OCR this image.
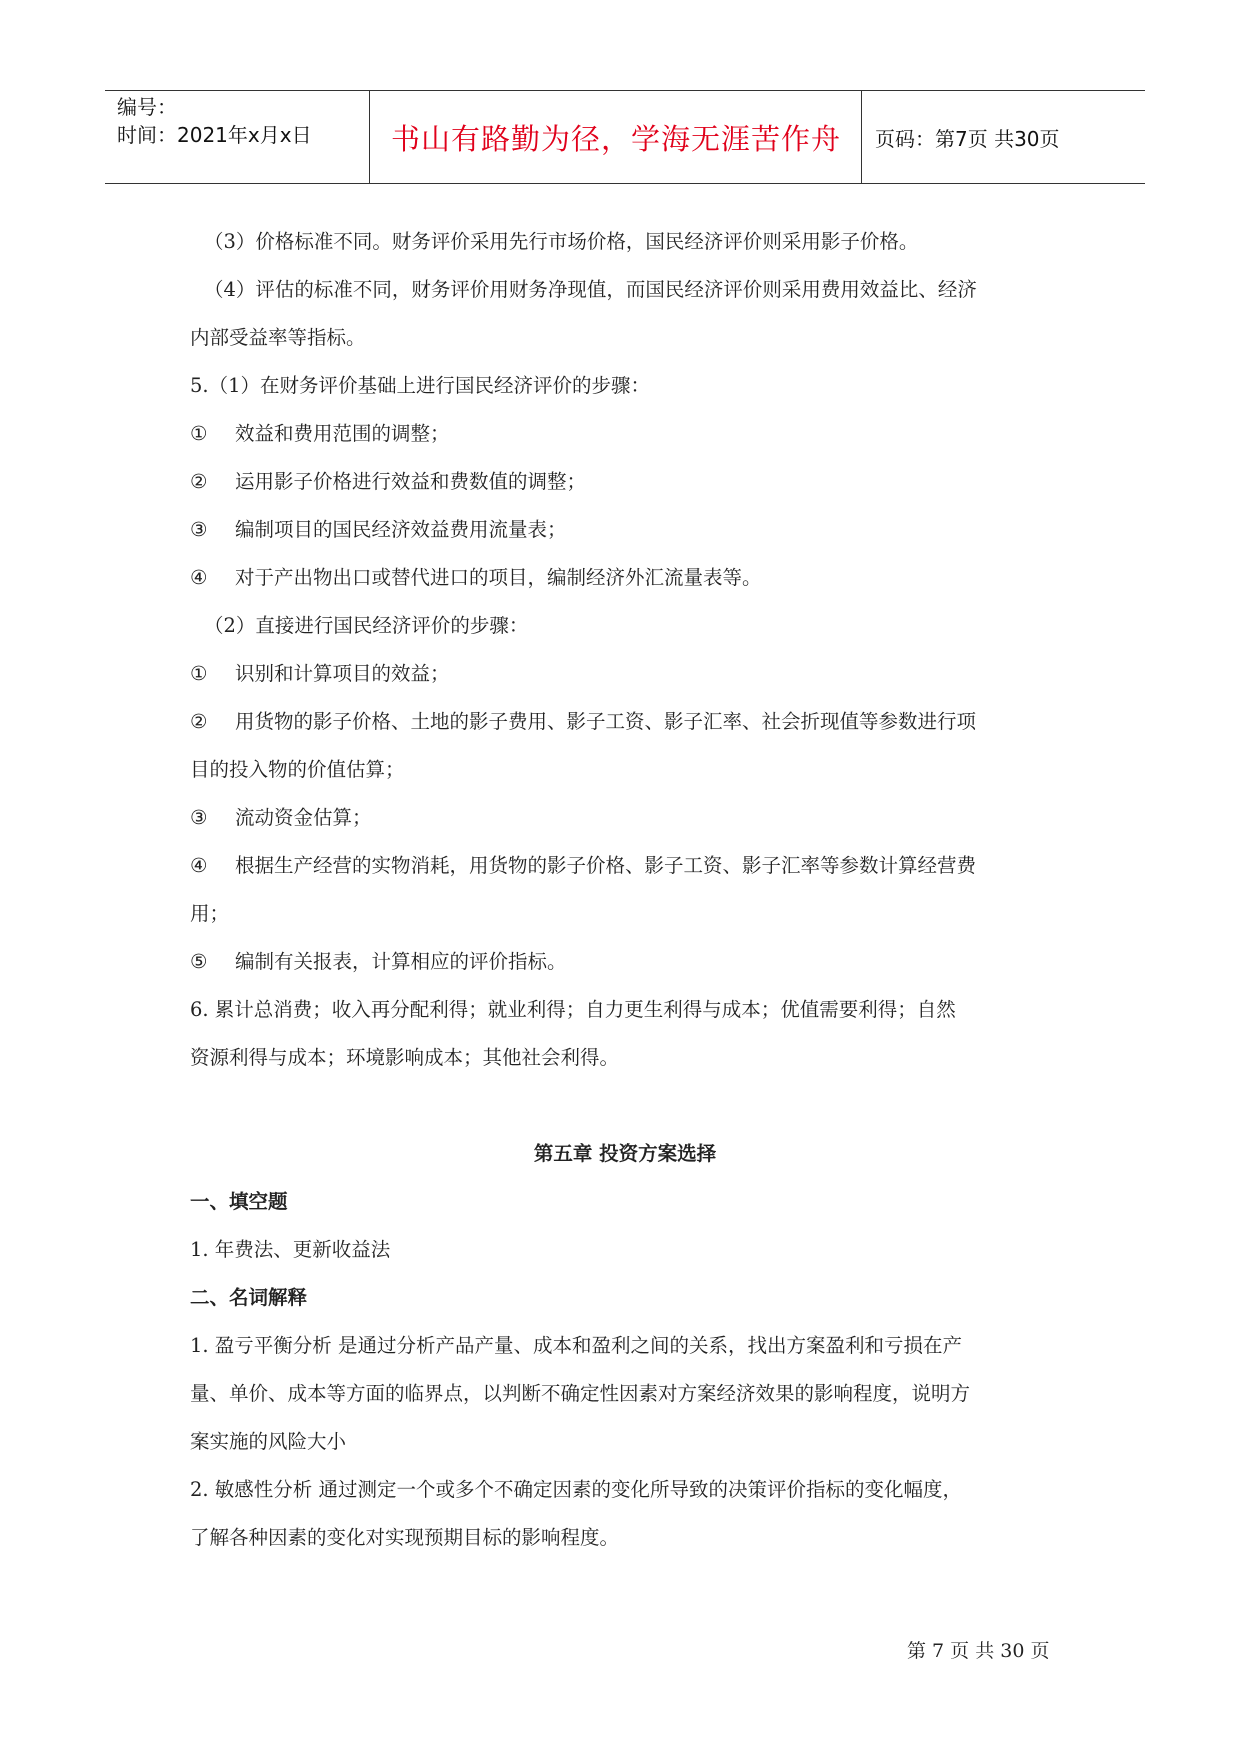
编号：
时间：2021年x月x日	书山有路勤为径，学海无涯苦作舟	页码：第7页 共30页

（3）价格标准不同。财务评价采用先行市场价格，国民经济评价则采用影子价格。

（4）评估的标准不同，财务评价用财务净现值，而国民经济评价则采用费用效益比、经济

内部受益率等指标。

5.（1）在财务评价基础上进行国民经济评价的步骤：

① 效益和费用范围的调整；

② 运用影子价格进行效益和费数值的调整；

③ 编制项目的国民经济效益费用流量表；

④ 对于产出物出口或替代进口的项目，编制经济外汇流量表等。

（2）直接进行国民经济评价的步骤：

① 识别和计算项目的效益；

② 用货物的影子价格、土地的影子费用、影子工资、影子汇率、社会折现值等参数进行项

目的投入物的价值估算；

③ 流动资金估算；

④ 根据生产经营的实物消耗，用货物的影子价格、影子工资、影子汇率等参数计算经营费

用；

⑤ 编制有关报表，计算相应的评价指标。

6. 累计总消费；收入再分配利得；就业利得；自力更生利得与成本；优值需要利得；自然

资源利得与成本；环境影响成本；其他社会利得。

第五章 投资方案选择

一、填空题

1. 年费法、更新收益法

二、名词解释

1. 盈亏平衡分析 是通过分析产品产量、成本和盈利之间的关系，找出方案盈利和亏损在产

量、单价、成本等方面的临界点，以判断不确定性因素对方案经济效果的影响程度，说明方

案实施的风险大小

2. 敏感性分析 通过测定一个或多个不确定因素的变化所导致的决策评价指标的变化幅度，

了解各种因素的变化对实现预期目标的影响程度。

第 7 页 共 30 页
